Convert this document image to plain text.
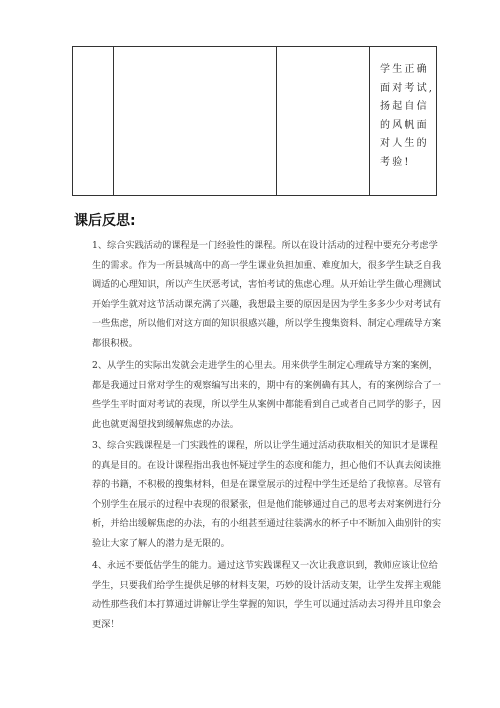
学生正确
面对考试,
扬起自信
的风帆面
对人生的
考验!
课后反思:
1、综合实践活动的课程是一门经验性的课程。所以在设计活动的过程中要充分考虑学
生的需求。作为一所县城高中的高一学生课业负担加重、难度加大，很多学生缺乏自我
调适的心理知识，所以产生厌恶考试，害怕考试的焦虑心理。从开始让学生做心理测试
开始学生就对这节活动课充满了兴趣，我想最主要的原因是因为学生多多少少对考试有
一些焦虑，所以他们对这方面的知识很感兴趣，所以学生搜集资料、制定心理疏导方案
都很积极。
2、从学生的实际出发就会走进学生的心里去。用来供学生制定心理疏导方案的案例，
都是我通过日常对学生的观察编写出来的，期中有的案例确有其人，有的案例综合了一
些学生平时面对考试的表现，所以学生从案例中都能看到自己或者自己同学的影子，因
此也就更渴望找到缓解焦虑的办法。
3、综合实践课程是一门实践性的课程，所以让学生通过活动获取相关的知识才是课程
的真是目的。在设计课程指出我也怀疑过学生的态度和能力，担心他们不认真去阅读推
荐的书籍，不积极的搜集材料，但是在课堂展示的过程中学生还是给了我惊喜。尽管有
个别学生在展示的过程中表现的很紧张，但是他们能够通过自己的思考去对案例进行分
析，并给出缓解焦虑的办法，有的小组甚至通过往装满水的杯子中不断加入曲别针的实
验让大家了解人的潜力是无限的。
4、永远不要低估学生的能力。通过这节实践课程又一次让我意识到，教师应该让位给
学生，只要我们给学生提供足够的材料支架，巧妙的设计活动支架，让学生发挥主观能
动性那些我们本打算通过讲解让学生掌握的知识，学生可以通过活动去习得并且印象会
更深！
